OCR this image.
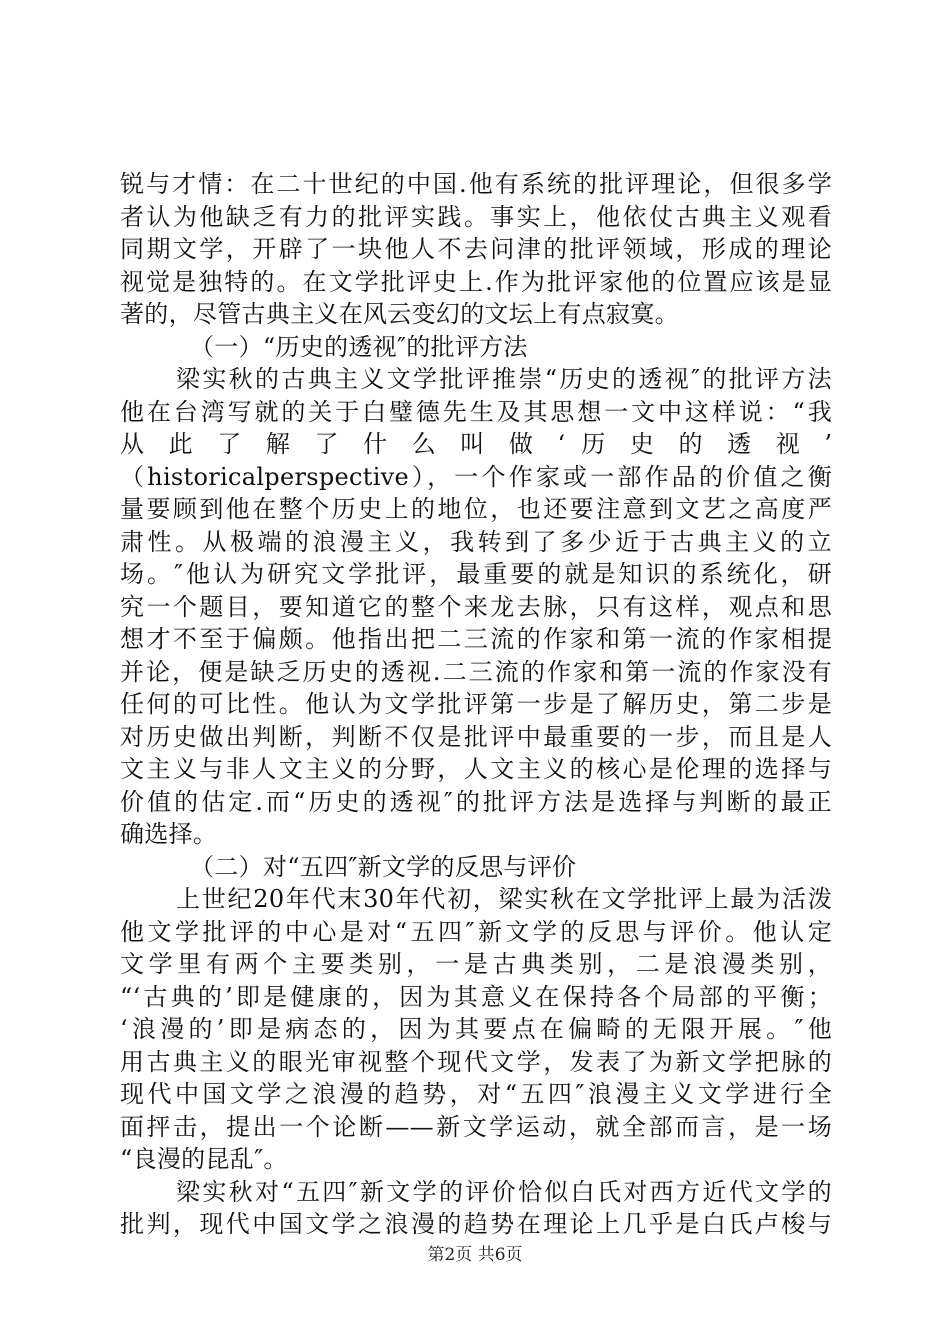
锐与才情：在二十世纪的中国.他有系统的批评理论，但很多学
者认为他缺乏有力的批评实践。事实上，他依仗古典主义观看
同期文学，开辟了一块他人不去问津的批评领域，形成的理论
视觉是独特的。在文学批评史上.作为批评家他的位置应该是显
著的，尽管古典主义在风云变幻的文坛上有点寂寞。
（一）“历史的透视″的批评方法
梁实秋的古典主义文学批评推崇“历史的透视″的批评方法
他在台湾写就的关于白璧德先生及其思想一文中这样说：“我
从 此 了 解 了 什 么 叫 做 ‘ 历 史 的 透 视 ’
（historicalperspective），一个作家或一部作品的价值之衡
量要顾到他在整个历史上的地位，也还要注意到文艺之高度严
肃性。从极端的浪漫主义，我转到了多少近于古典主义的立
场。″他认为研究文学批评，最重要的就是知识的系统化，研
究一个题目，要知道它的整个来龙去脉，只有这样，观点和思
想才不至于偏颇。他指出把二三流的作家和第一流的作家相提
并论，便是缺乏历史的透视.二三流的作家和第一流的作家没有
任何的可比性。他认为文学批评第一步是了解历史，第二步是
对历史做出判断，判断不仅是批评中最重要的一步，而且是人
文主义与非人文主义的分野，人文主义的核心是伦理的选择与
价值的估定.而“历史的透视″的批评方法是选择与判断的最正
确选择。
（二）对“五四″新文学的反思与评价
上世纪20年代末30年代初，梁实秋在文学批评上最为活泼
他文学批评的中心是对“五四″新文学的反思与评价。他认定
文学里有两个主要类别，一是古典类别，二是浪漫类别，
“‘古典的’即是健康的，因为其意义在保持各个局部的平衡；
‘浪漫的’即是病态的，因为其要点在偏畸的无限开展。″他
用古典主义的眼光审视整个现代文学，发表了为新文学把脉的
现代中国文学之浪漫的趋势，对“五四″浪漫主义文学进行全
面抨击，提出一个论断——新文学运动，就全部而言，是一场
“良漫的昆乱″。
梁实秋对“五四″新文学的评价恰似白氏对西方近代文学的
批判，现代中国文学之浪漫的趋势在理论上几乎是白氏卢梭与
第2页 共6页
